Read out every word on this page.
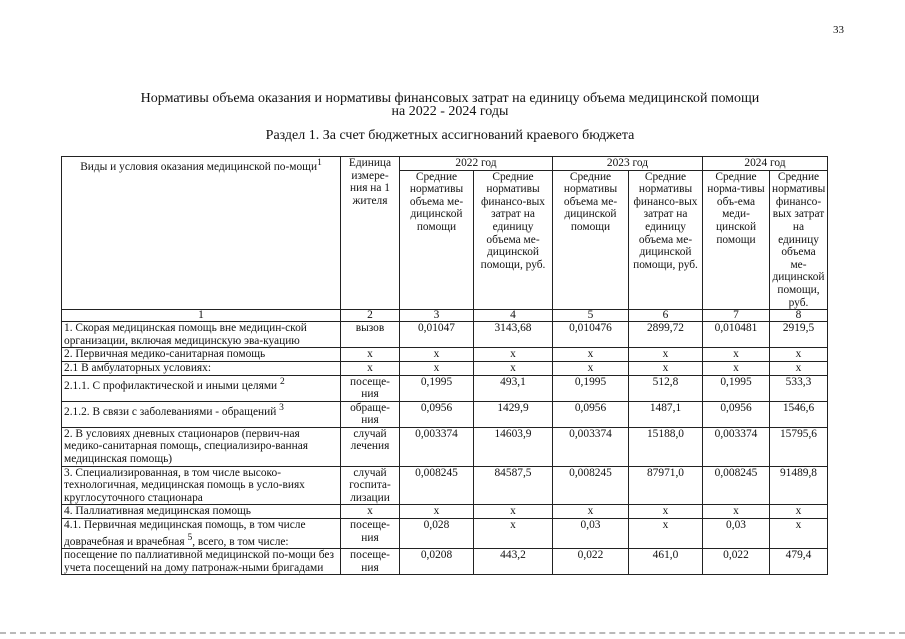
33
Нормативы объема оказания и нормативы финансовых затрат на единицу объема медицинской помощи
на 2022 - 2024 годы
Раздел 1. За счет бюджетных ассигнований краевого бюджета
Виды и условия оказания медицинской по-мощи$^1$	Единица измере-ния на 1 жителя	2022 год		2023 год		2024 год	
		Средние нормативы объема ме-дицинской помощи	Средние нормативы финансо-вых затрат на единицу объема ме-дицинской помощи, руб.	Средние нормативы объема ме-дицинской помощи	Средние нормативы финансо-вых затрат на единицу объема ме-дицинской помощи, руб.	Средние норма-тивы объ-ема меди-цинской помощи	Средние нормативы финансо-вых затрат на единицу объема ме-дицинской помощи, руб.
1	2	3	4	5	6	7	8
1. Скорая медицинская помощь вне медицин-ской организации, включая медицинскую эва-куацию	вызов	0,01047	3143,68	0,010476	2899,72	0,010481	2919,5
2. Первичная медико-санитарная помощь	х	х	х	х	х	х	х
2.1 В амбулаторных условиях:	х	х	х	х	х	х	х
2.1.1. С профилактической и иными целями $^2$	посеще-ния	0,1995	493,1	0,1995	512,8	0,1995	533,3
2.1.2. В связи с заболеваниями - обращений $^3$	обраще-ния	0,0956	1429,9	0,0956	1487,1	0,0956	1546,6
2. В условиях дневных стационаров (первич-ная медико-санитарная помощь, специализиро-ванная медицинская помощь)	случай лечения	0,003374	14603,9	0,003374	15188,0	0,003374	15795,6
3. Специализированная, в том числе высоко-технологичная, медицинская помощь в усло-виях круглосуточного стационара	случай госпита-лизации	0,008245	84587,5	0,008245	87971,0	0,008245	91489,8
4. Паллиативная медицинская помощь	х	х	х	х	х	х	х
4.1. Первичная медицинская помощь, в том числе доврачебная и врачебная $^5$, всего, в том числе:	посеще-ния	0,028	х	0,03	х	0,03	х
посещение по паллиативной медицинской по-мощи без учета посещений на дому патронаж-ными бригадами	посеще-ния	0,0208	443,2	0,022	461,0	0,022	479,4
